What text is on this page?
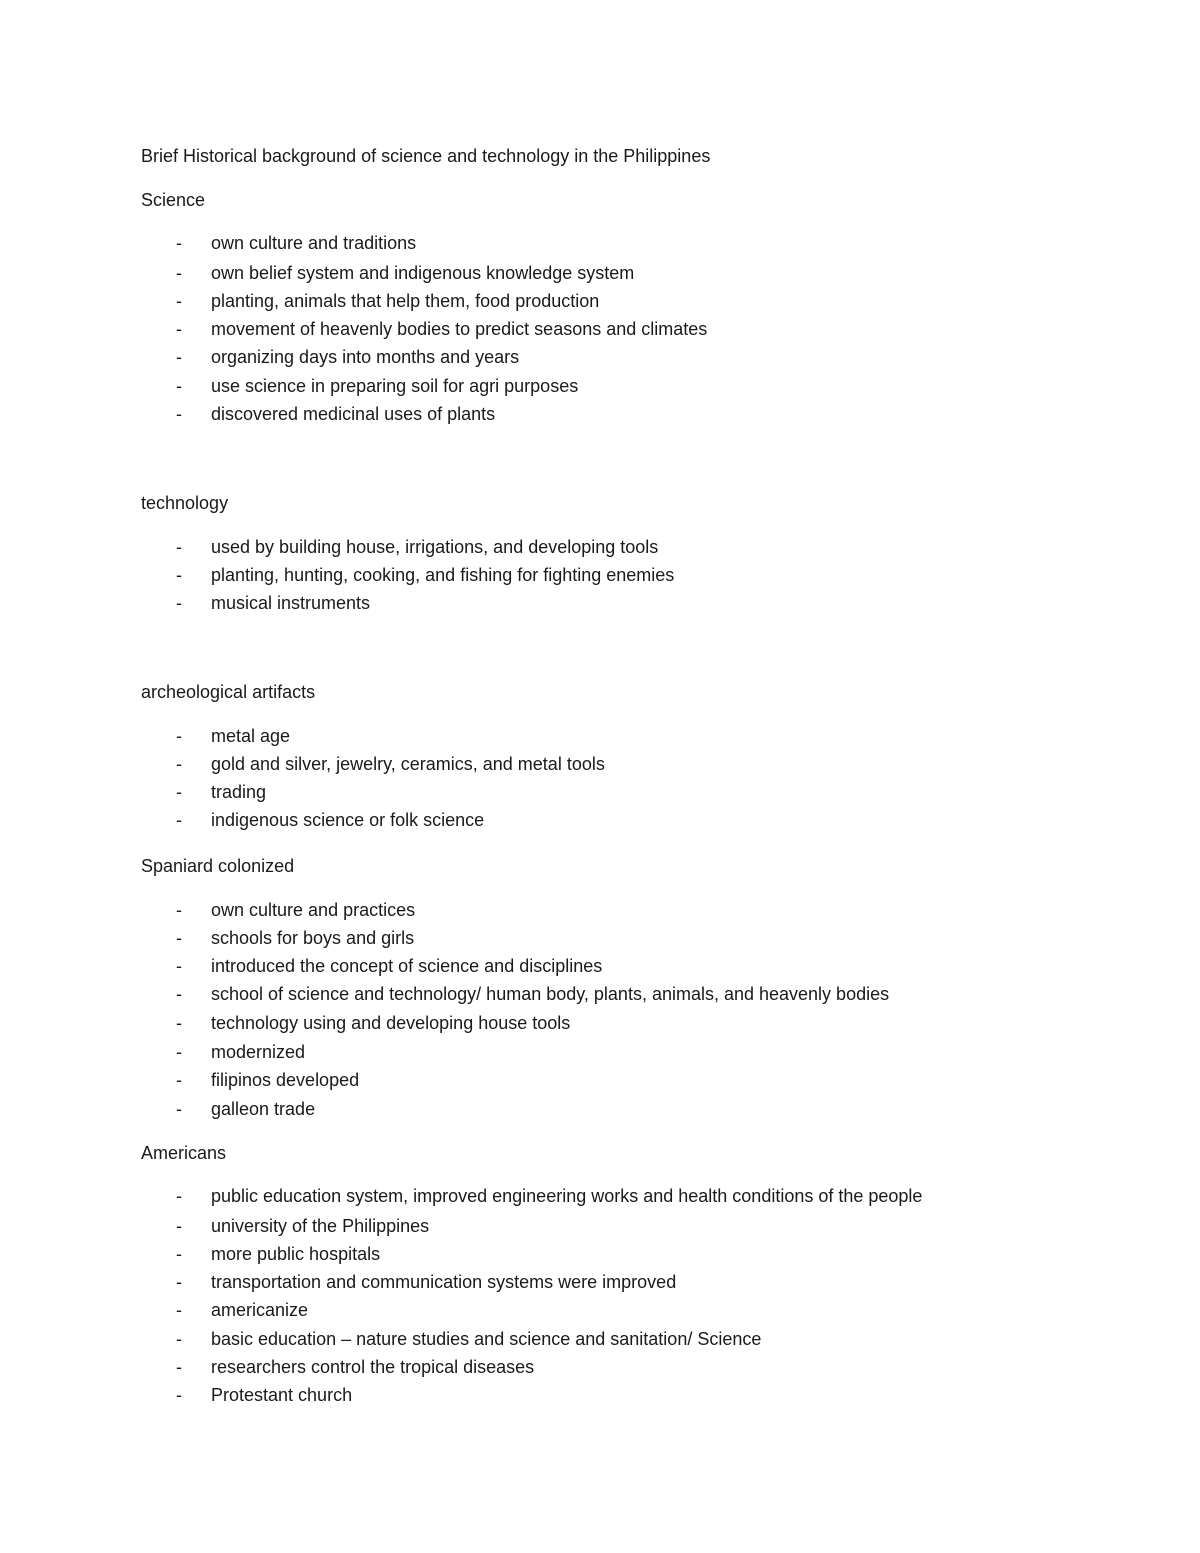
Brief Historical background of science and technology in the Philippines
Science
- own culture and traditions
- own belief system and indigenous knowledge system
- planting, animals that help them, food production
- movement of heavenly bodies to predict seasons and climates
- organizing days into months and years
- use science in preparing soil for agri purposes
- discovered medicinal uses of plants
technology
- used by building house, irrigations, and developing tools
- planting, hunting, cooking, and fishing for fighting enemies
- musical instruments
archeological artifacts
- metal age
- gold and silver, jewelry, ceramics, and metal tools
- trading
- indigenous science or folk science
Spaniard colonized
- own culture and practices
- schools for boys and girls
- introduced the concept of science and disciplines
- school of science and technology/ human body, plants, animals, and heavenly bodies
- technology using and developing house tools
- modernized
- filipinos developed
- galleon trade
Americans
- public education system, improved engineering works and health conditions of the people
- university of the Philippines
- more public hospitals
- transportation and communication systems were improved
- americanize
- basic education – nature studies and science and sanitation/ Science
- researchers control the tropical diseases
- Protestant church
